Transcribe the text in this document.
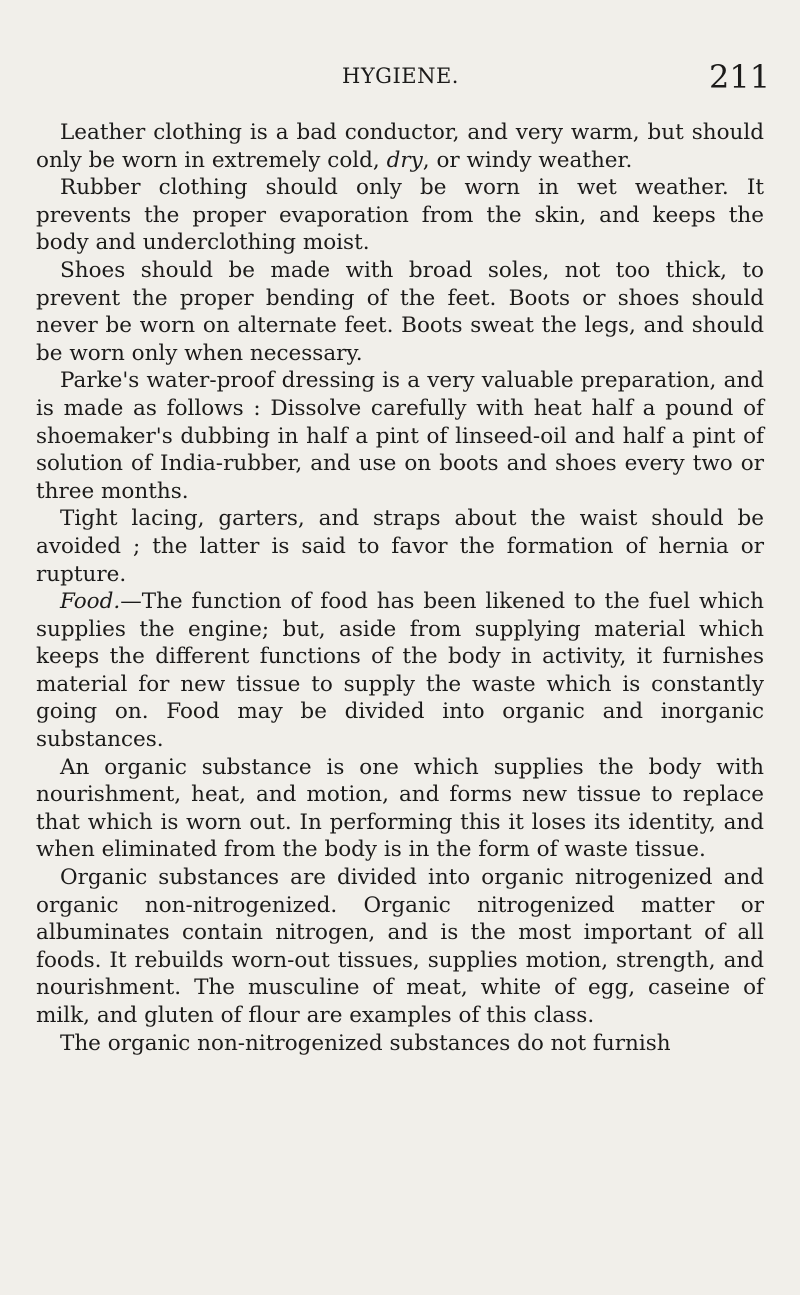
HYGIENE.	211

Leather clothing is a bad conductor, and very warm, but should only be worn in extremely cold, dry, or windy weather.

Rubber clothing should only be worn in wet weather. It prevents the proper evaporation from the skin, and keeps the body and underclothing moist.

Shoes should be made with broad soles, not too thick, to prevent the proper bending of the feet. Boots or shoes should never be worn on alternate feet. Boots sweat the legs, and should be worn only when necessary.

Parke's water-proof dressing is a very valuable preparation, and is made as follows : Dissolve carefully with heat half a pound of shoemaker's dubbing in half a pint of linseed-oil and half a pint of solution of India-rubber, and use on boots and shoes every two or three months.

Tight lacing, garters, and straps about the waist should be avoided ; the latter is said to favor the formation of hernia or rupture.

Food.—The function of food has been likened to the fuel which supplies the engine; but, aside from supplying material which keeps the different functions of the body in activity, it furnishes material for new tissue to supply the waste which is constantly going on. Food may be divided into organic and inorganic substances.

An organic substance is one which supplies the body with nourishment, heat, and motion, and forms new tissue to replace that which is worn out. In performing this it loses its identity, and when eliminated from the body is in the form of waste tissue.

Organic substances are divided into organic nitrogenized and organic non-nitrogenized. Organic nitrogenized matter or albuminates contain nitrogen, and is the most important of all foods. It rebuilds worn-out tissues, supplies motion, strength, and nourishment. The musculine of meat, white of egg, caseine of milk, and gluten of flour are examples of this class.

The organic non-nitrogenized substances do not furnish
